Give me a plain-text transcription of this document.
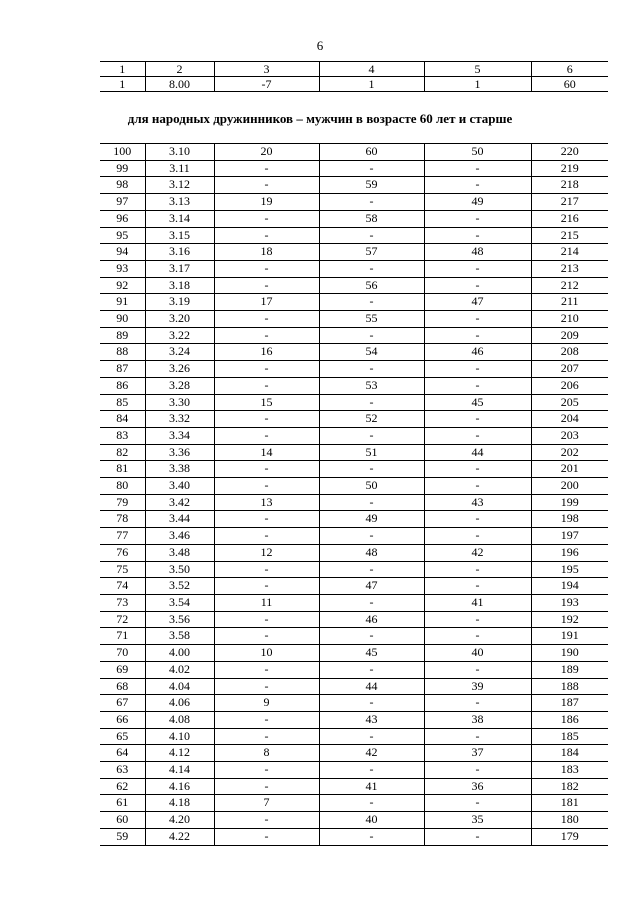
6
1	2	3	4	5	6
1	8.00	-7	1	1	60
для народных дружинников – мужчин в возрасте 60 лет и старше
100	3.10	20	60	50	220
99	3.11	-	-	-	219
98	3.12	-	59	-	218
97	3.13	19	-	49	217
96	3.14	-	58	-	216
95	3.15	-	-	-	215
94	3.16	18	57	48	214
93	3.17	-	-	-	213
92	3.18	-	56	-	212
91	3.19	17	-	47	211
90	3.20	-	55	-	210
89	3.22	-	-	-	209
88	3.24	16	54	46	208
87	3.26	-	-	-	207
86	3.28	-	53	-	206
85	3.30	15	-	45	205
84	3.32	-	52	-	204
83	3.34	-	-	-	203
82	3.36	14	51	44	202
81	3.38	-	-	-	201
80	3.40	-	50	-	200
79	3.42	13	-	43	199
78	3.44	-	49	-	198
77	3.46	-	-	-	197
76	3.48	12	48	42	196
75	3.50	-	-	-	195
74	3.52	-	47	-	194
73	3.54	11	-	41	193
72	3.56	-	46	-	192
71	3.58	-	-	-	191
70	4.00	10	45	40	190
69	4.02	-	-	-	189
68	4.04	-	44	39	188
67	4.06	9	-	-	187
66	4.08	-	43	38	186
65	4.10	-	-	-	185
64	4.12	8	42	37	184
63	4.14	-	-	-	183
62	4.16	-	41	36	182
61	4.18	7	-	-	181
60	4.20	-	40	35	180
59	4.22	-	-	-	179
